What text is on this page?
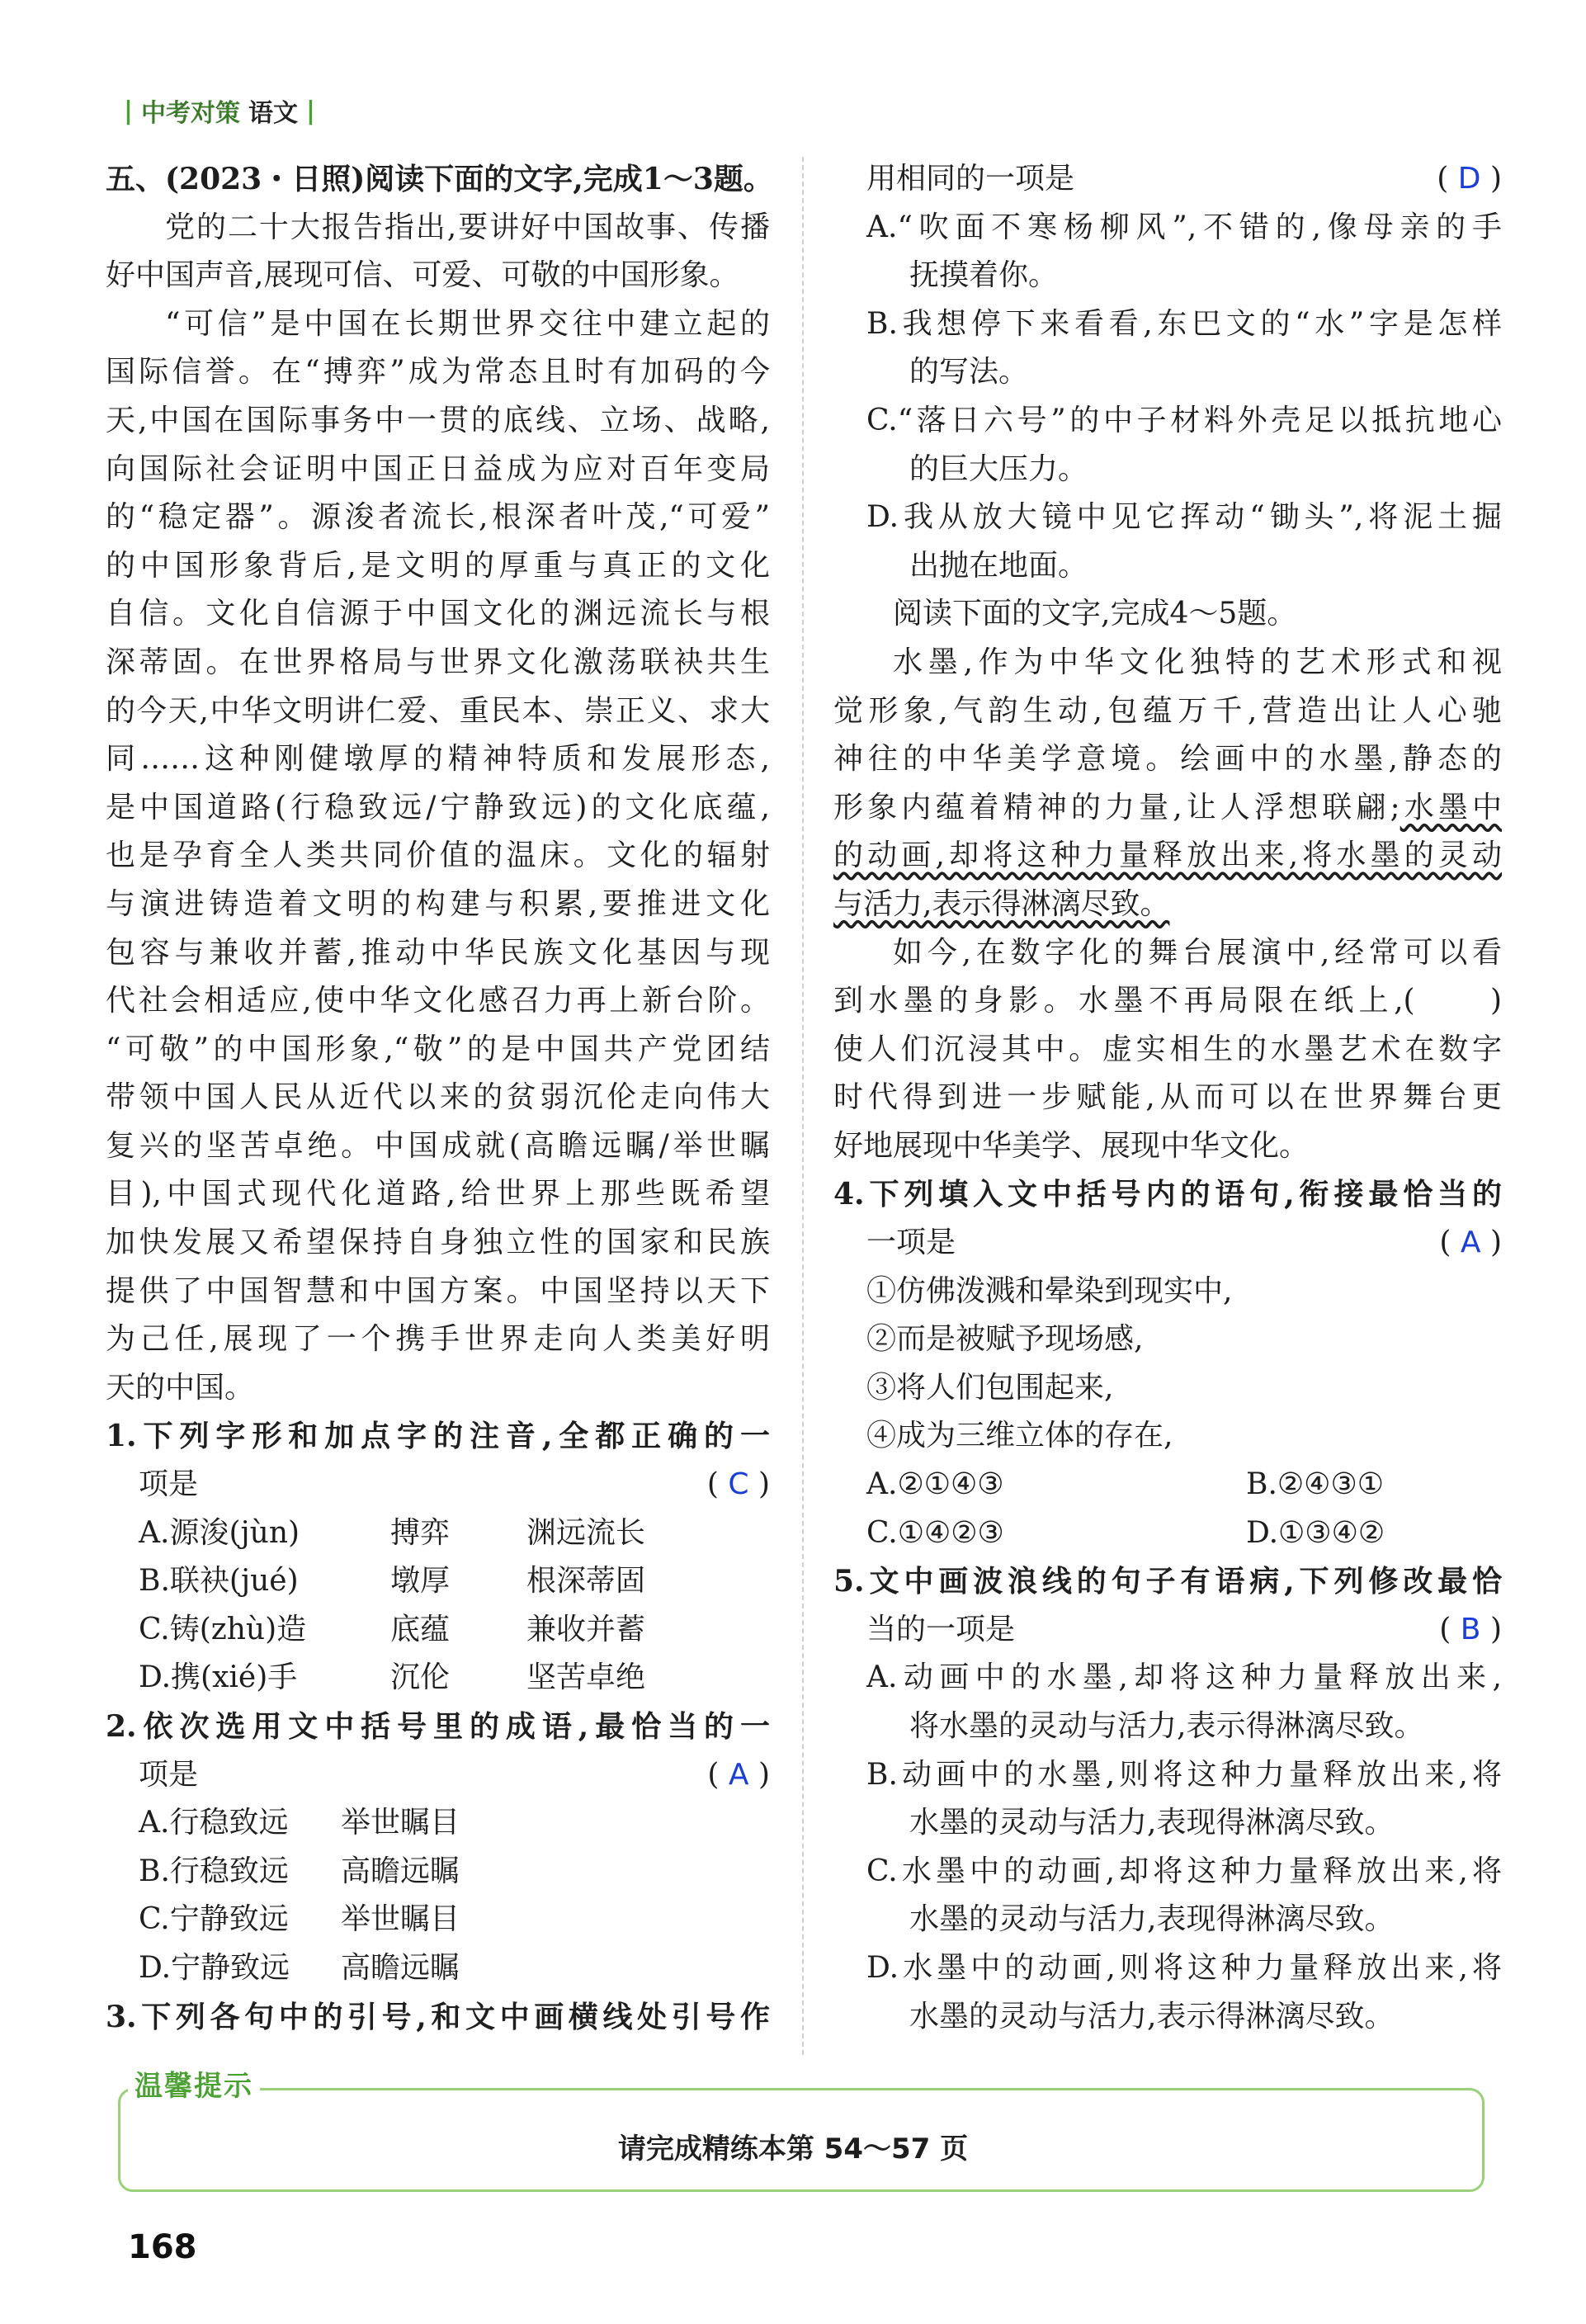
| 中考对策 语文 |
五、(2023・日照)阅读下面的文字,完成1～3题。
党的二十大报告指出,要讲好中国故事、传播
好中国声音,展现可信、可爱、可敬的中国形象。
“可信”是中国在长期世界交往中建立起的
国际信誉。在“搏弈”成为常态且时有加码的今
天,中国在国际事务中一贯的底线、立场、战略,
向国际社会证明中国正日益成为应对百年变局
的“稳定器”。源浚者流长,根深者叶茂,“可爱”
的中国形象背后,是文明的厚重与真正的文化
自信。文化自信源于中国文化的渊远流长与根
深蒂固。在世界格局与世界文化激荡联袂共生
的今天,中华文明讲仁爱、重民本、崇正义、求大
同……这种刚健墩厚的精神特质和发展形态,
是中国道路(行稳致远/宁静致远)的文化底蕴,
也是孕育全人类共同价值的温床。文化的辐射
与演进铸造着文明的构建与积累,要推进文化
包容与兼收并蓄,推动中华民族文化基因与现
代社会相适应,使中华文化感召力再上新台阶。
“可敬”的中国形象,“敬”的是中国共产党团结
带领中国人民从近代以来的贫弱沉伦走向伟大
复兴的坚苦卓绝。中国成就(高瞻远瞩/举世瞩
目),中国式现代化道路,给世界上那些既希望
加快发展又希望保持自身独立性的国家和民族
提供了中国智慧和中国方案。中国坚持以天下
为己任,展现了一个携手世界走向人类美好明
天的中国。
1.下列字形和加点字的注音,全都正确的一
项是	( C )
A.源浚(jùn)	搏弈	渊远流长
B.联袂(jué)	墩厚	根深蒂固
C.铸(zhù)造	底蕴	兼收并蓄
D.携(xié)手	沉伦	坚苦卓绝
2.依次选用文中括号里的成语,最恰当的一
项是	( A )
A.行稳致远	举世瞩目
B.行稳致远	高瞻远瞩
C.宁静致远	举世瞩目
D.宁静致远	高瞻远瞩
3.下列各句中的引号,和文中画横线处引号作
用相同的一项是	( D )
A.“吹面不寒杨柳风”,不错的,像母亲的手
抚摸着你。
B.我想停下来看看,东巴文的“水”字是怎样
的写法。
C.“落日六号”的中子材料外壳足以抵抗地心
的巨大压力。
D.我从放大镜中见它挥动“锄头”,将泥土掘
出抛在地面。
阅读下面的文字,完成4～5题。
水墨,作为中华文化独特的艺术形式和视
觉形象,气韵生动,包蕴万千,营造出让人心驰
神往的中华美学意境。绘画中的水墨,静态的
形象内蕴着精神的力量,让人浮想联翩;水墨中
的动画,却将这种力量释放出来,将水墨的灵动
与活力,表示得淋漓尽致。
如今,在数字化的舞台展演中,经常可以看
到水墨的身影。水墨不再局限在纸上,(　　)
使人们沉浸其中。虚实相生的水墨艺术在数字
时代得到进一步赋能,从而可以在世界舞台更
好地展现中华美学、展现中华文化。
4.下列填入文中括号内的语句,衔接最恰当的
一项是	( A )
①仿佛泼溅和晕染到现实中,
②而是被赋予现场感,
③将人们包围起来,
④成为三维立体的存在,
A.②①④③	B.②④③①
C.①④②③	D.①③④②
5.文中画波浪线的句子有语病,下列修改最恰
当的一项是	( B )
A.动画中的水墨,却将这种力量释放出来,
将水墨的灵动与活力,表示得淋漓尽致。
B.动画中的水墨,则将这种力量释放出来,将
水墨的灵动与活力,表现得淋漓尽致。
C.水墨中的动画,却将这种力量释放出来,将
水墨的灵动与活力,表现得淋漓尽致。
D.水墨中的动画,则将这种力量释放出来,将
水墨的灵动与活力,表示得淋漓尽致。
温馨提示
请完成精练本第 54～57 页
168
